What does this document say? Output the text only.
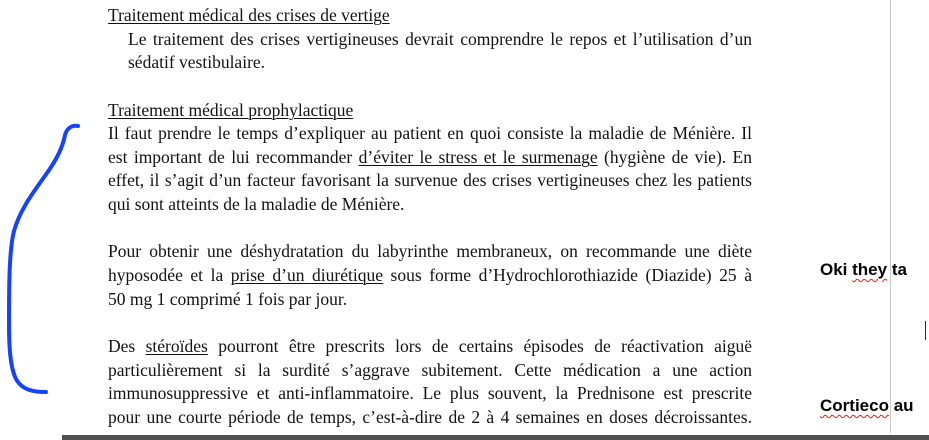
Traitement médical des crises de vertige
Le traitement des crises vertigineuses devrait comprendre le repos et l’utilisation d’un
sédatif vestibulaire.
Traitement médical prophylactique
Il faut prendre le temps d’expliquer au patient en quoi consiste la maladie de Ménière. Il
est important de lui recommander d’éviter le stress et le surmenage (hygiène de vie). En
effet, il s’agit d’un facteur favorisant la survenue des crises vertigineuses chez les patients
qui sont atteints de la maladie de Ménière.
Pour obtenir une déshydratation du labyrinthe membraneux, on recommande une diète
hyposodée et la prise d’un diurétique sous forme d’Hydrochlorothiazide (Diazide) 25 à
50 mg 1 comprimé 1 fois par jour.
Des stéroïdes pourront être prescrits lors de certains épisodes de réactivation aiguë
particulièrement si la surdité s’aggrave subitement. Cette médication a une action
immunosuppressive et anti-inflammatoire. Le plus souvent, la Prednisone est prescrite
pour une courte période de temps, c’est-à-dire de 2 à 4 semaines en doses décroissantes.
Oki they ta
Cortieco au
